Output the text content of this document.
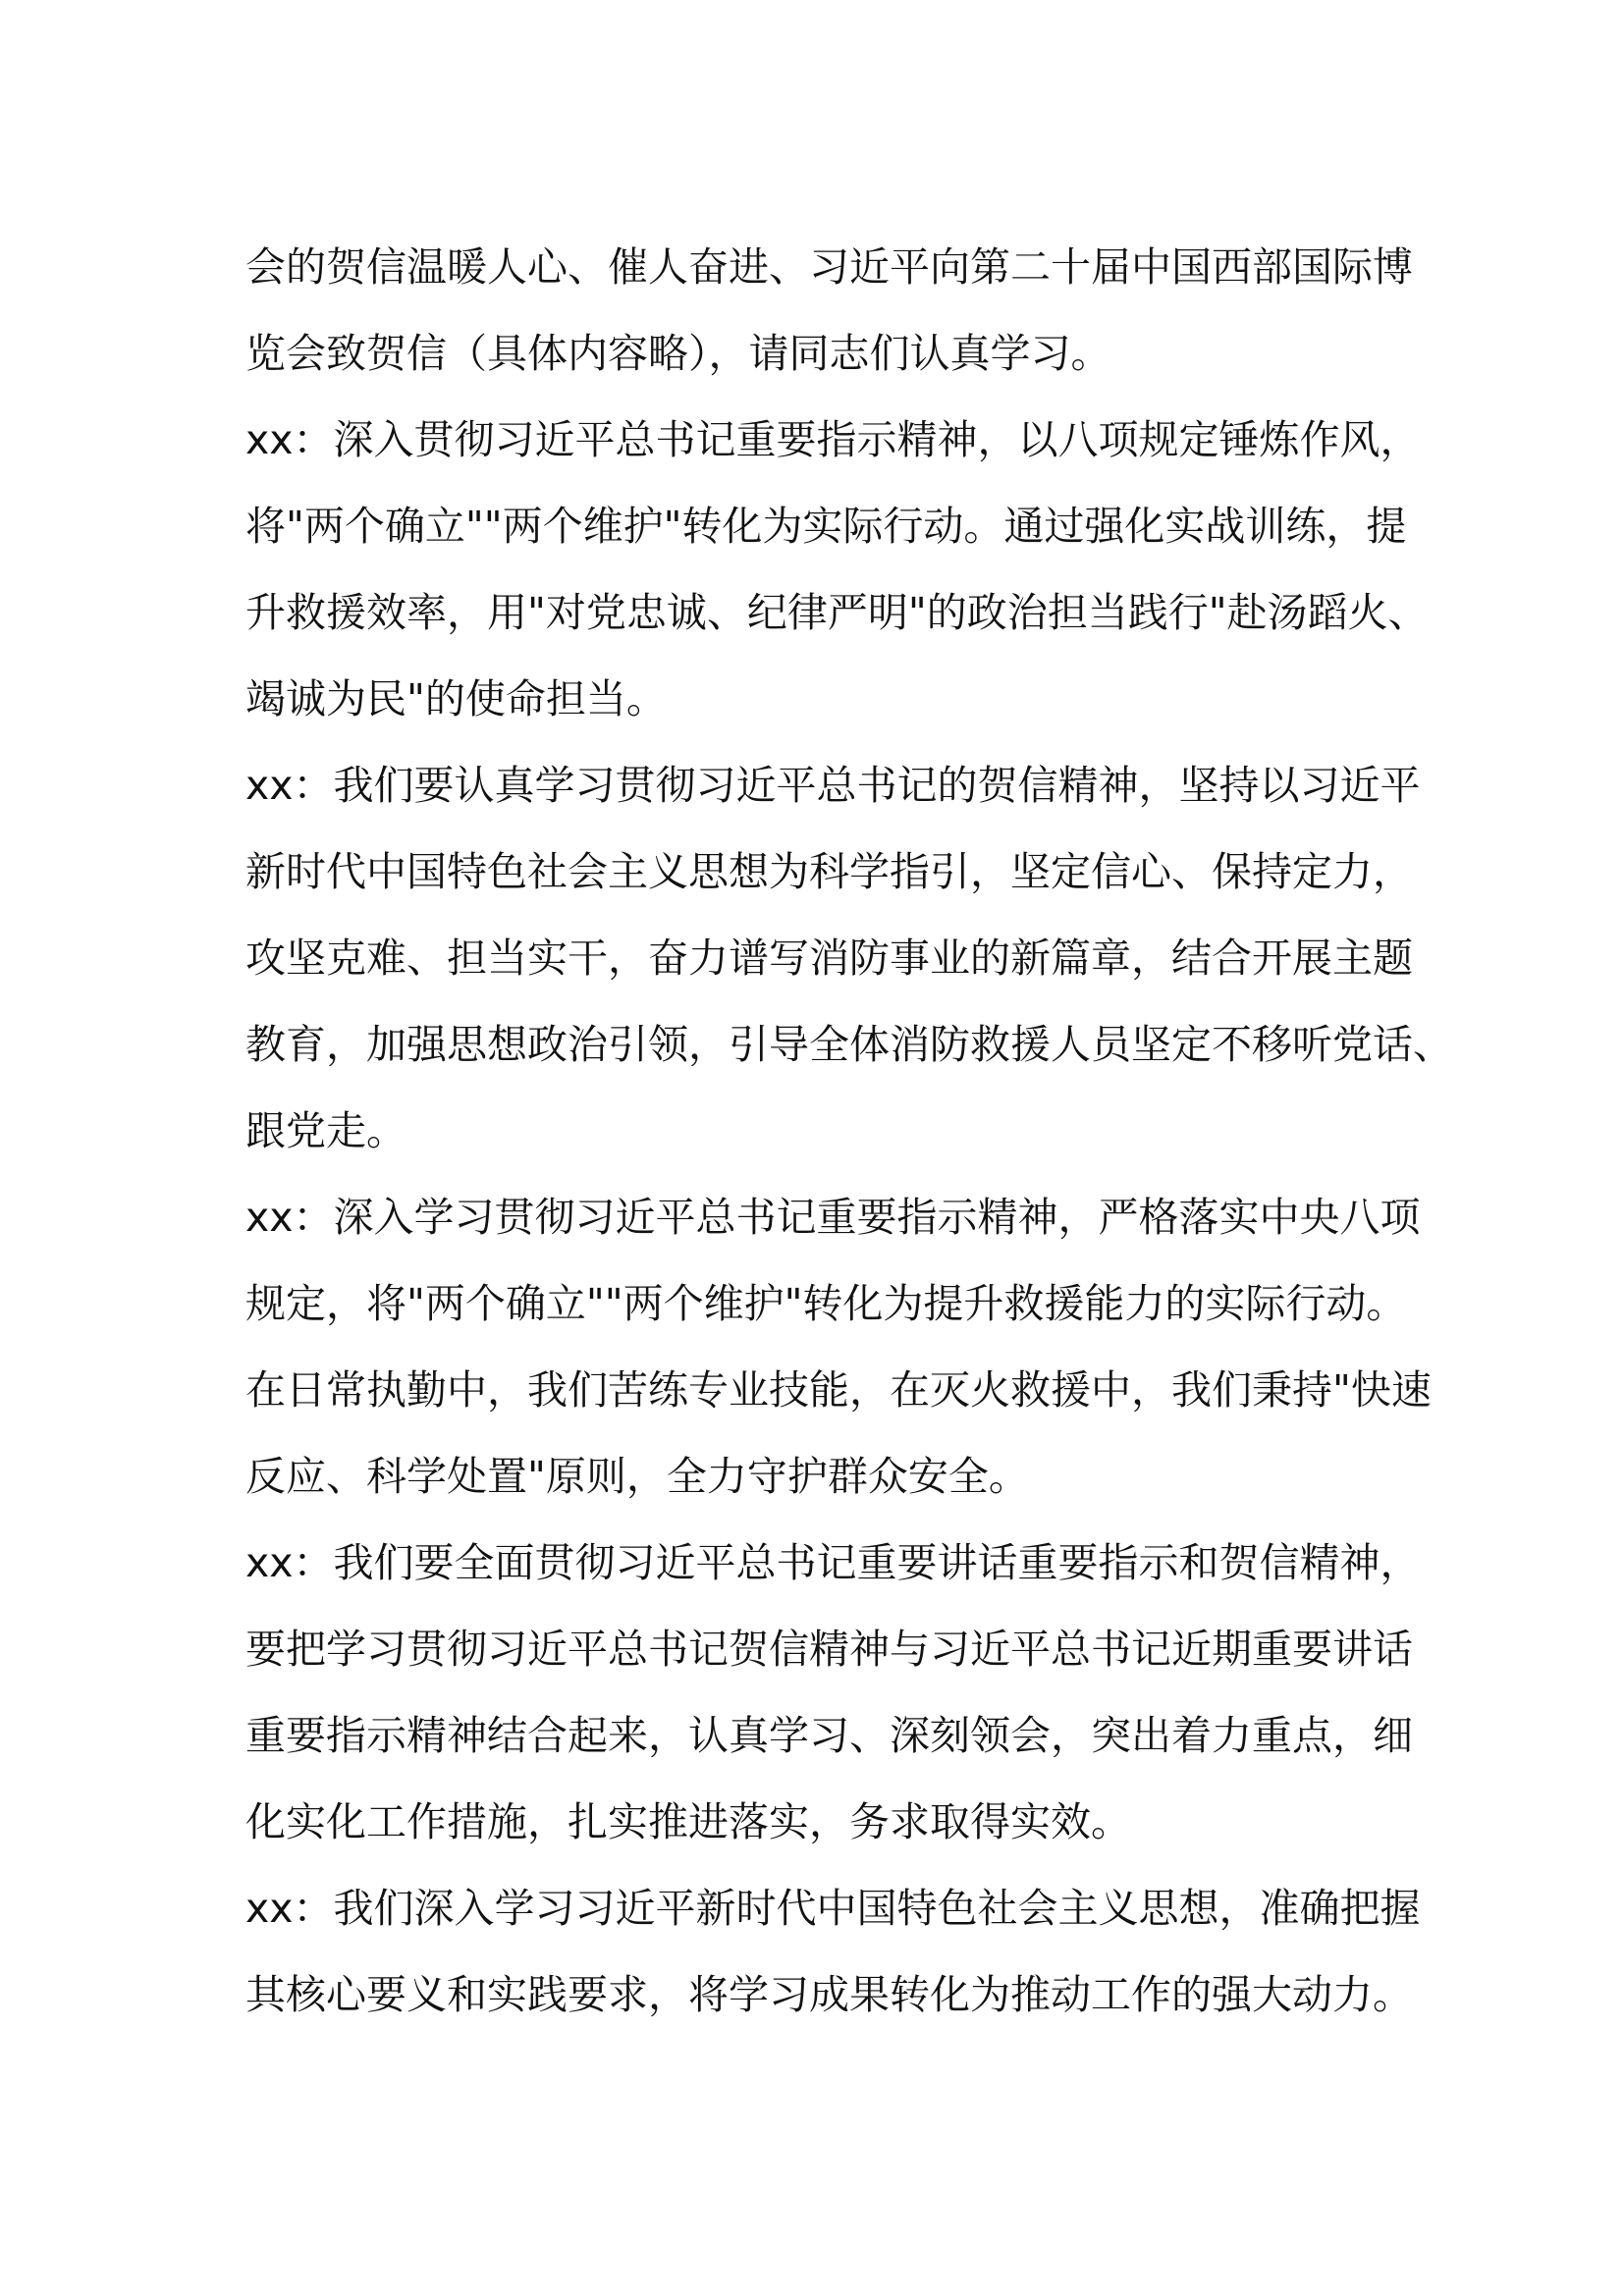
会的贺信温暖人心、催人奋进、习近平向第二十届中国西部国际博
览会致贺信（具体内容略），请同志们认真学习。
xx：深入贯彻习近平总书记重要指示精神，以八项规定锤炼作风，
将"两个确立""两个维护"转化为实际行动。通过强化实战训练，提
升救援效率，用"对党忠诚、纪律严明"的政治担当践行"赴汤蹈火、
竭诚为民"的使命担当。
xx：我们要认真学习贯彻习近平总书记的贺信精神，坚持以习近平
新时代中国特色社会主义思想为科学指引，坚定信心、保持定力，
攻坚克难、担当实干，奋力谱写消防事业的新篇章，结合开展主题
教育，加强思想政治引领，引导全体消防救援人员坚定不移听党话、
跟党走。
xx：深入学习贯彻习近平总书记重要指示精神，严格落实中央八项
规定，将"两个确立""两个维护"转化为提升救援能力的实际行动。
在日常执勤中，我们苦练专业技能，在灭火救援中，我们秉持"快速
反应、科学处置"原则，全力守护群众安全。
xx：我们要全面贯彻习近平总书记重要讲话重要指示和贺信精神，
要把学习贯彻习近平总书记贺信精神与习近平总书记近期重要讲话
重要指示精神结合起来，认真学习、深刻领会，突出着力重点，细
化实化工作措施，扎实推进落实，务求取得实效。
xx：我们深入学习习近平新时代中国特色社会主义思想，准确把握
其核心要义和实践要求，将学习成果转化为推动工作的强大动力。
